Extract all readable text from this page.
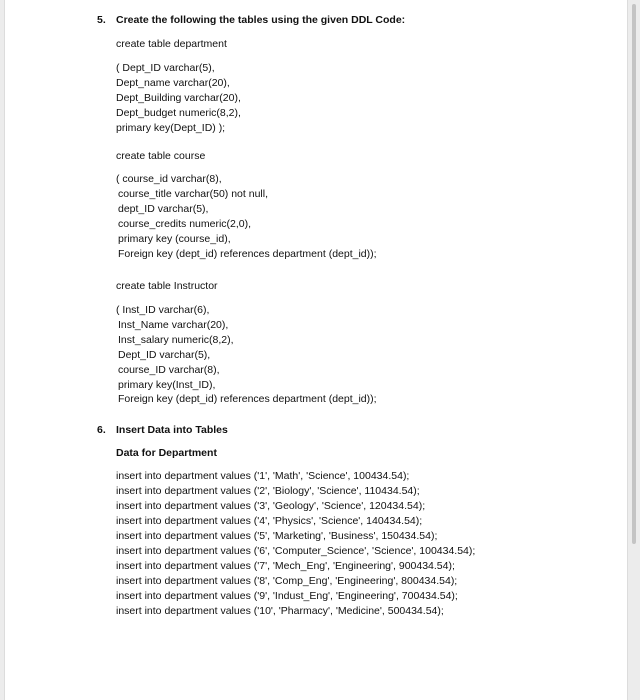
5. Create the following the tables using the given DDL Code:
create table department
( Dept_ID varchar(5),
Dept_name varchar(20),
Dept_Building varchar(20),
Dept_budget numeric(8,2),
primary key(Dept_ID) );
create table course
( course_id varchar(8),
course_title varchar(50) not null,
dept_ID varchar(5),
course_credits numeric(2,0),
primary key (course_id),
Foreign key (dept_id) references department (dept_id));
create table Instructor
( Inst_ID varchar(6),
Inst_Name varchar(20),
Inst_salary numeric(8,2),
Dept_ID varchar(5),
course_ID varchar(8),
primary key(Inst_ID),
Foreign key (dept_id) references department (dept_id));
6. Insert Data into Tables
Data for Department
insert into department values ('1', 'Math', 'Science', 100434.54);
insert into department values ('2', 'Biology', 'Science', 110434.54);
insert into department values ('3', 'Geology', 'Science', 120434.54);
insert into department values ('4', 'Physics', 'Science', 140434.54);
insert into department values ('5', 'Marketing', 'Business', 150434.54);
insert into department values ('6', 'Computer_Science', 'Science', 100434.54);
insert into department values ('7', 'Mech_Eng', 'Engineering', 900434.54);
insert into department values ('8', 'Comp_Eng', 'Engineering', 800434.54);
insert into department values ('9', 'Indust_Eng', 'Engineering', 700434.54);
insert into department values ('10', 'Pharmacy', 'Medicine', 500434.54);
